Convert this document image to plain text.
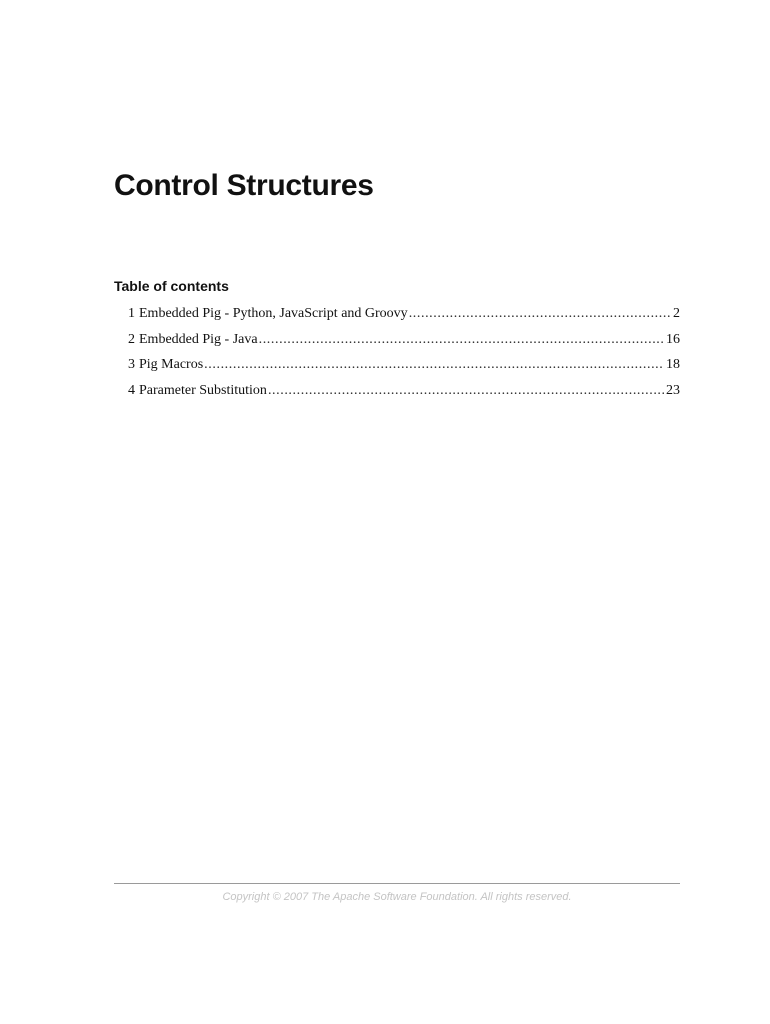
Control Structures
Table of contents
1 Embedded Pig - Python, JavaScript and Groovy .....	2
2 Embedded Pig - Java .....	16
3 Pig Macros .....	18
4 Parameter Substitution .....	23
Copyright © 2007 The Apache Software Foundation. All rights reserved.
